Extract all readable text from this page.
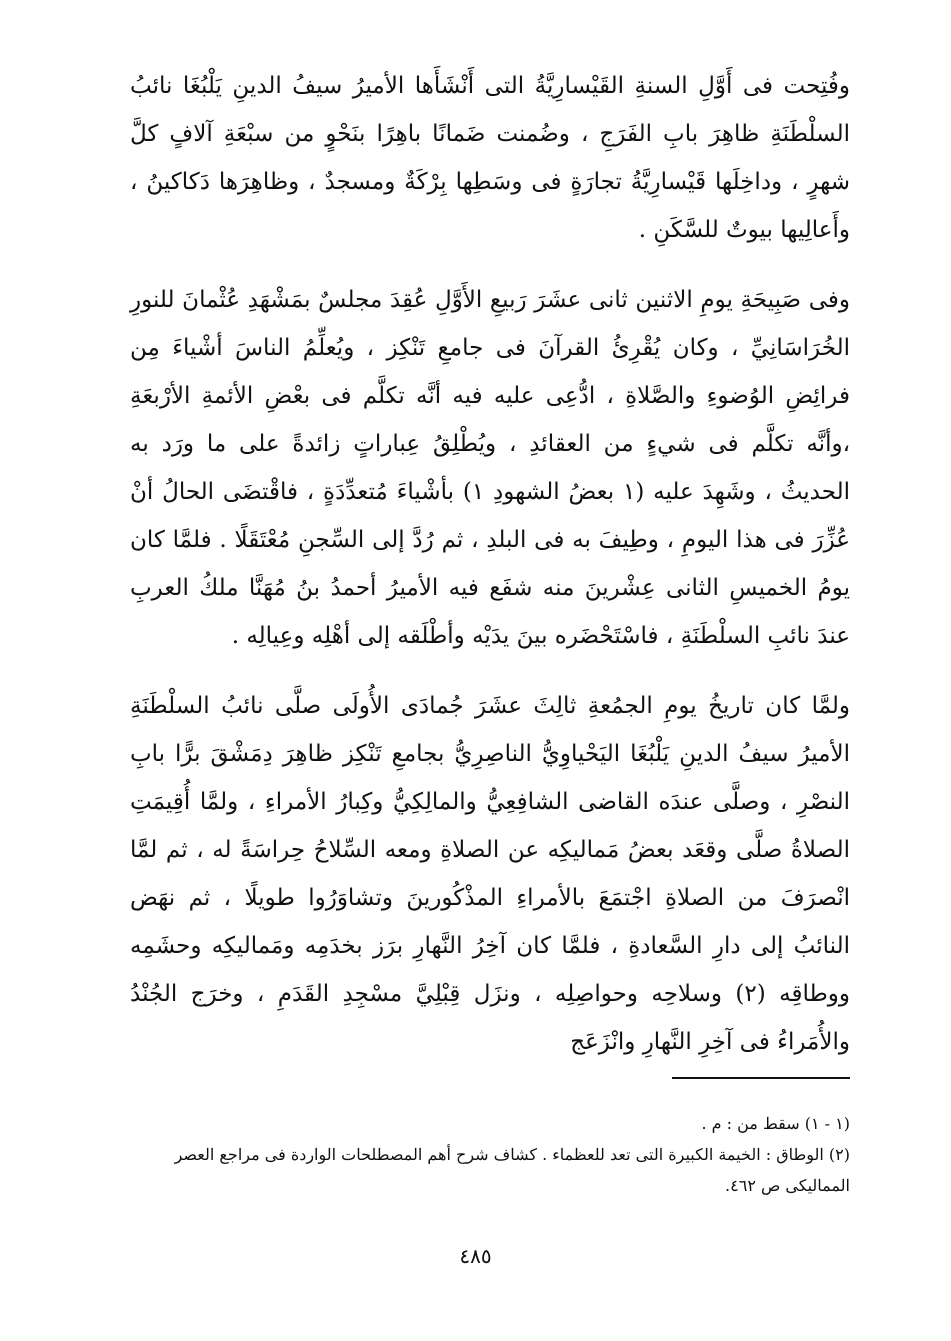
وفُتِحت فى أَوَّلِ السنةِ القَيْسارِيَّةُ التى أَنْشَأَها الأميرُ سيفُ الدينِ يَلْبُغَا نائبُ السلْطَنَةِ ظاهِرَ بابِ الفَرَجِ ، وضُمنت ضَمانًا باهِرًا بنَحْوٍ من سبْعَةِ آلافٍ كلَّ شهرٍ ، وداخِلَها قَيْسارِيَّةُ تجارَةٍ فى وسَطِها بِرْكَةٌ ومسجدٌ ، وظاهِرَها دَكاكينُ ، وأَعالِيها بيوتٌ للسَّكَنِ .

وفى صَبِيحَةِ يومِ الاثنين ثانى عشَرَ رَبيعِ الأَوَّلِ عُقِدَ مجلسٌ بمَشْهَدِ عُثْمانَ للنورِ الخُرَاسَانِيِّ ، وكان يُقْرِئُ القرآنَ فى جامعِ تَنْكِز ، ويُعلِّمُ الناسَ أشْياءَ مِن فرائِضِ الوُضوءِ والصَّلاةِ ، ادُّعِى عليه فيه أنَّه تكلَّم فى بعْضِ الأئمةِ الأرْبعَةِ ،وأنَّه تكلَّم فى شيءٍ من العقائدِ ، ويُطْلِقُ عِباراتٍ زائدةً على ما ورَد به الحديثُ ، وشَهِدَ عليه (١ بعضُ الشهودِ ١) بأشْياءَ مُتعدِّدَةٍ ، فاقْتضَى الحالُ أنْ عُزِّرَ فى هذا اليومِ ، وطِيفَ به فى البلدِ ، ثم رُدَّ إلى السِّجنِ مُعْتَقَلًا . فلمَّا كان يومُ الخميسِ الثانى عِشْرينَ منه شفَع فيه الأميرُ أحمدُ بنُ مُهَنَّا ملكُ العربِ عندَ نائبِ السلْطَنَةِ ، فاسْتَحْضَره بينَ يدَيْه وأطْلَقه إلى أهْلِه وعِيالِه .

ولمَّا كان تاريخُ يومِ الجمُعةِ ثالِثَ عشَرَ جُمادَى الأُولَى صلَّى نائبُ السلْطَنَةِ الأميرُ سيفُ الدينِ يَلْبُغَا اليَحْياوِيُّ الناصِرِيُّ بجامعِ تَنْكِز ظاهِرَ دِمَشْقَ برًّا بابِ النصْرِ ، وصلَّى عندَه القاضى الشافِعِيُّ والمالِكِيُّ وكِبارُ الأمراءِ ، ولمَّا أُقِيمَتِ الصلاةُ صلَّى وقعَد بعضُ مَماليكِه عن الصلاةِ ومعه السِّلاحُ حِراسَةً له ، ثم لمَّا انْصرَفَ من الصلاةِ اجْتمَعَ بالأمراءِ المذْكُورينَ وتشاوَرُوا طويلًا ، ثم نهَض النائبُ إلى دارِ السَّعادةِ ، فلمَّا كان آخِرُ النَّهارِ برَز بخدَمِه ومَماليكِه وحشَمِه ووطاقِه (٢) وسلاحِه وحواصِلِه ، ونزَل قِبْلِيَّ مسْجِدِ القَدَمِ ، وخرَج الجُنْدُ والأُمَراءُ فى آخِرِ النَّهارِ وانْزَعَج

(١ - ١) سقط من : م .

(٢) الوطاق : الخيمة الكبيرة التى تعد للعظماء . كشاف شرح أهم المصطلحات الواردة فى مراجع العصر المماليكى ص ٤٦٢.

٤٨٥
